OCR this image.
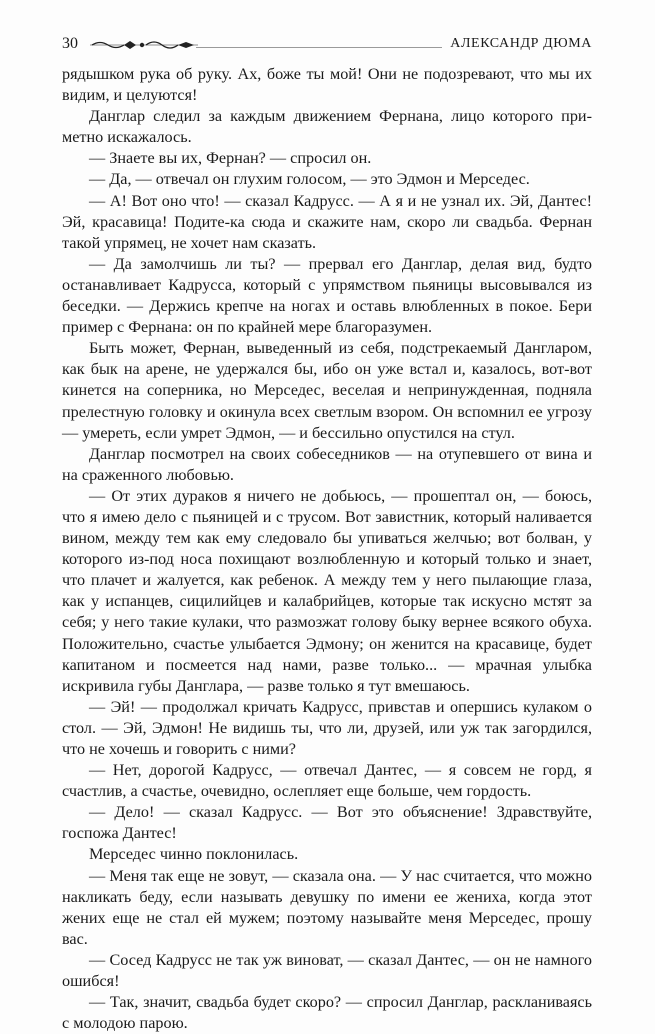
30	АЛЕКСАНДР ДЮМА

рядышком рука об руку. Ах, боже ты мой! Они не подозревают, что мы их видим, и целуются!

Данглар следил за каждым движением Фернана, лицо которого приметно искажалось.

— Знаете вы их, Фернан? — спросил он.

— Да, — отвечал он глухим голосом, — это Эдмон и Мерседес.

— А! Вот оно что! — сказал Кадрусс. — А я и не узнал их. Эй, Дантес! Эй, красавица! Подите-ка сюда и скажите нам, скоро ли свадьба. Фернан такой упрямец, не хочет нам сказать.

— Да замолчишь ли ты? — прервал его Данглар, делая вид, будто останавливает Кадрусса, который с упрямством пьяницы высовывался из беседки. — Держись крепче на ногах и оставь влюбленных в покое. Бери пример с Фернана: он по крайней мере благоразумен.

Быть может, Фернан, выведенный из себя, подстрекаемый Дангларом, как бык на арене, не удержался бы, ибо он уже встал и, казалось, вот-вот кинется на соперника, но Мерседес, веселая и непринужденная, подняла прелестную головку и окинула всех светлым взором. Он вспомнил ее угрозу — умереть, если умрет Эдмон, — и бессильно опустился на стул.

Данглар посмотрел на своих собеседников — на отупевшего от вина и на сраженного любовью.

— От этих дураков я ничего не добьюсь, — прошептал он, — боюсь, что я имею дело с пьяницей и с трусом. Вот завистник, который наливается вином, между тем как ему следовало бы упиваться желчью; вот болван, у которого из-под носа похищают возлюбленную и который только и знает, что плачет и жалуется, как ребенок. А между тем у него пылающие глаза, как у испанцев, сицилийцев и калабрийцев, которые так искусно мстят за себя; у него такие кулаки, что размозжат голову быку вернее всякого обуха. Положительно, счастье улыбается Эдмону; он женится на красавице, будет капитаном и посмеется над нами, разве только... — мрачная улыбка искривила губы Данглара, — разве только я тут вмешаюсь.

— Эй! — продолжал кричать Кадрусс, привстав и опершись кулаком о стол. — Эй, Эдмон! Не видишь ты, что ли, друзей, или уж так загордился, что не хочешь и говорить с ними?

— Нет, дорогой Кадрусс, — отвечал Дантес, — я совсем не горд, я счастлив, а счастье, очевидно, ослепляет еще больше, чем гордость.

— Дело! — сказал Кадрусс. — Вот это объяснение! Здравствуйте, госпожа Дантес!

Мерседес чинно поклонилась.

— Меня так еще не зовут, — сказала она. — У нас считается, что можно накликать беду, если называть девушку по имени ее жениха, когда этот жених еще не стал ей мужем; поэтому называйте меня Мерседес, прошу вас.

— Сосед Кадрусс не так уж виноват, — сказал Дантес, — он не намного ошибся!

— Так, значит, свадьба будет скоро? — спросил Данглар, раскланиваясь с молодою парою.
